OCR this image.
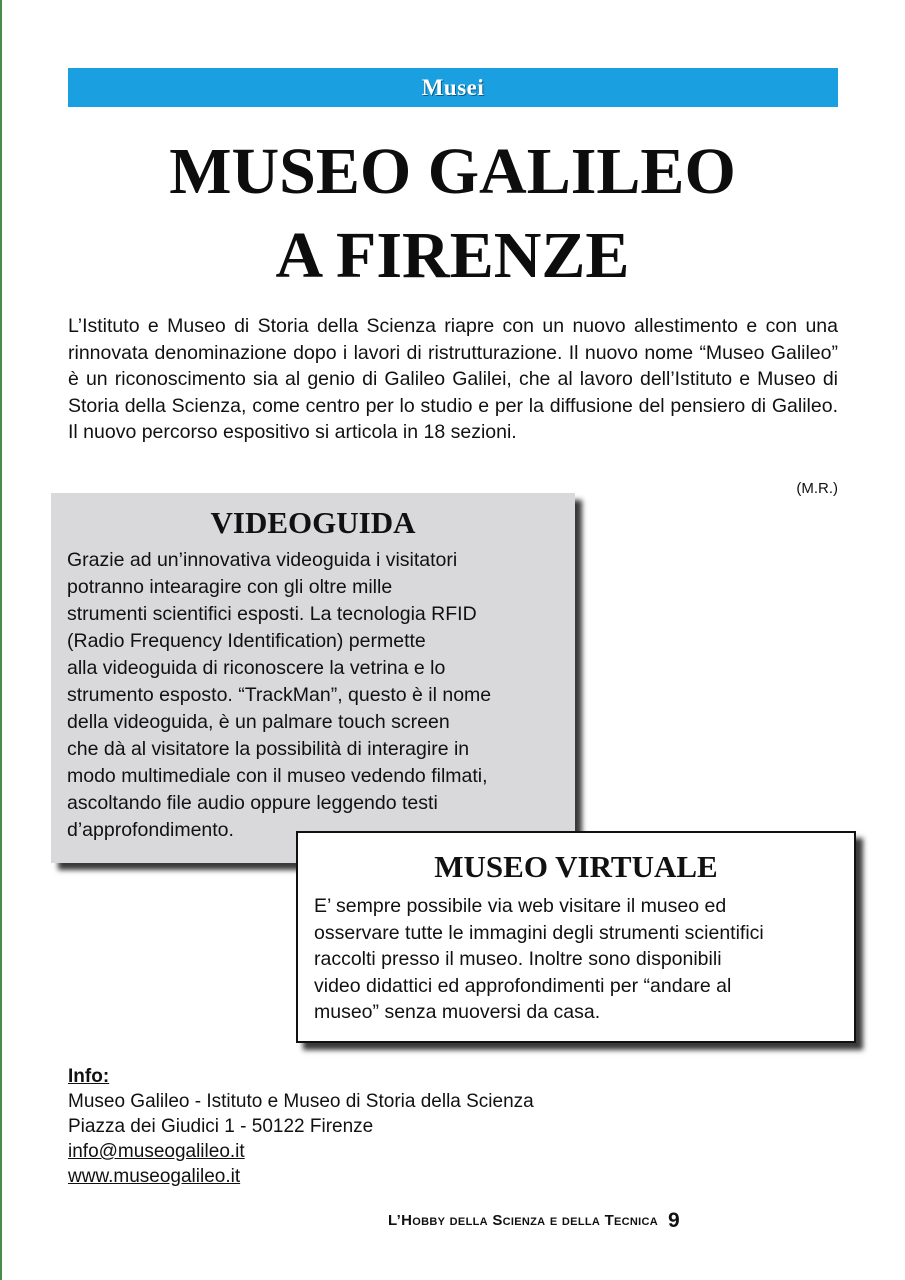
Musei
MUSEO GALILEO
A FIRENZE

L’Istituto e Museo di Storia della Scienza riapre con un nuovo allestimento e con una rinnovata denominazione dopo i lavori di ristrutturazione. Il nuovo nome “Museo Galileo” è un riconoscimento sia al genio di Galileo Galilei, che al lavoro dell’Istituto e Museo di Storia della Scienza, come centro per lo studio e per la diffusione del pensiero di Galileo. Il nuovo percorso espositivo si articola in 18 sezioni.

(M.R.)
VIDEOGUIDA

Grazie ad un’innovativa videoguida i visitatori
potranno intearagire con gli oltre mille
strumenti scientifici esposti. La tecnologia RFID
(Radio Frequency Identification) permette
alla videoguida di riconoscere la vetrina e lo
strumento esposto. “TrackMan”, questo è il nome
della videoguida, è un palmare touch screen
che dà al visitatore la possibilità di interagire in
modo multimediale con il museo vedendo filmati,
ascoltando file audio oppure leggendo testi
d’approfondimento.

MUSEO VIRTUALE

E’ sempre possibile via web visitare il museo ed
osservare tutte le immagini degli strumenti scientifici
raccolti presso il museo. Inoltre sono disponibili
video didattici ed approfondimenti per “andare al
museo” senza muoversi da casa.

Info:
Museo Galileo - Istituto e Museo di Storia della Scienza
Piazza dei Giudici 1 - 50122 Firenze
info@museogalileo.it
www.museogalileo.it
L’Hobby della Scienza e della Tecnica 9
